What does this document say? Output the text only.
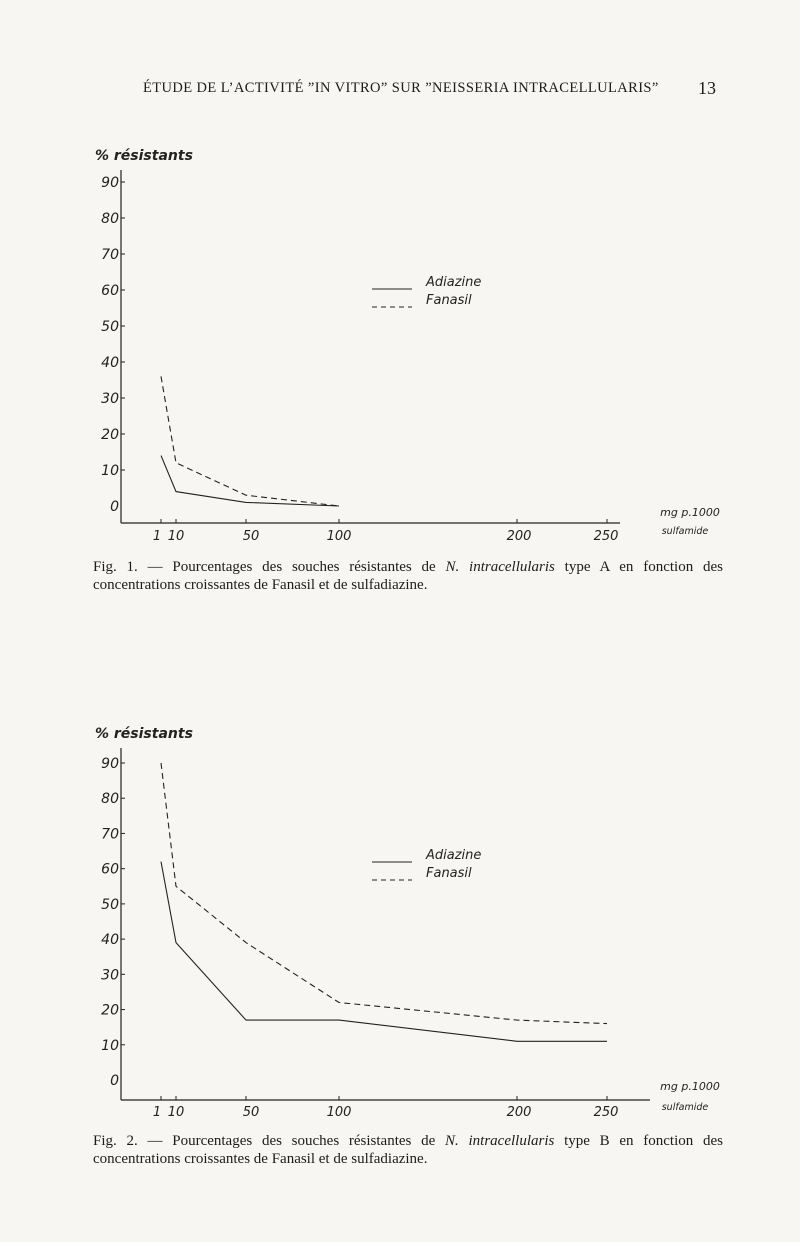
ÉTUDE DE L’ACTIVITÉ ”IN VITRO” SUR ”NEISSERIA INTRACELLULARIS” 13
% résistants
90
80
70
60
50
40
30
20
10
0
1 10	50	100	200	250
mg p.1000
sulfamide
Adiazine
Fanasil

Fig. 1. — Pourcentages des souches résistantes de N. intracellularis type A en fonction des concentrations croissantes de Fanasil et de sulfadiazine.

% résistants
90
80
70
60
50
40
30
20
10
0
1 10	50	100	200	250
mg p.1000
sulfamide
Adiazine
Fanasil

Fig. 2. — Pourcentages des souches résistantes de N. intracellularis type B en fonction des concentrations croissantes de Fanasil et de sulfadiazine.
